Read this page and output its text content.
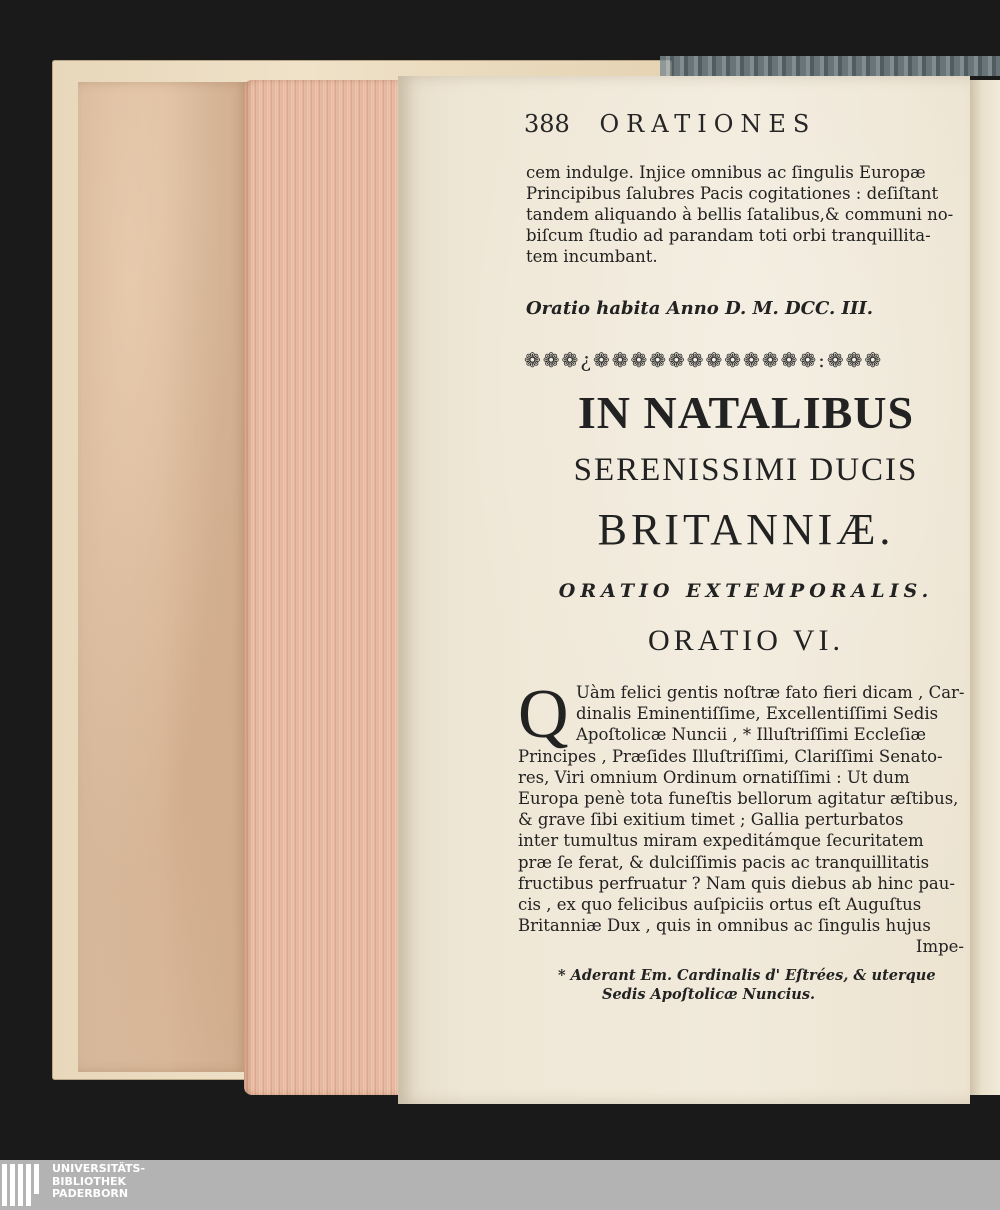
388 ORATIONES

cem indulge. Injice omnibus ac ſingulis Europæ
Principibus ſalubres Pacis cogitationes : deſiſtant
tandem aliquando à bellis ſatalibus,& communi no-
biſcum ſtudio ad parandam toti orbi tranquillita-
tem incumbant.

Oratio habita Anno D. M. DCC. III.
❁❁❁¿❁❁❁❁❁❁❁❁❁❁❁❁:❁❁❁
IN NATALIBUS
SERENISSIMI DUCIS
BRITANNIÆ.
ORATIO EXTEMPORALIS.
ORATIO VI.
Q Uàm felici gentis noſtræ fato fieri dicam , Car-
dinalis Eminentiſſime, Excellentiſſimi Sedis
Apoſtolicæ Nuncii , * Illuſtriſſimi Eccleſiæ
Principes , Præſides Illuſtriſſimi, Clariſſimi Senato-
res, Viri omnium Ordinum ornatiſſimi : Ut dum
Europa penè tota funeſtis bellorum agitatur æſtibus,
& grave ſibi exitium timet ; Gallia perturbatos
inter tumultus miram expeditámque ſecuritatem
præ ſe ferat, & dulciſſimis pacis ac tranquillitatis
fructibus perfruatur ? Nam quis diebus ab hinc pau-
cis , ex quo felicibus auſpiciis ortus eſt Auguſtus
Britanniæ Dux , quis in omnibus ac ſingulis hujus
Impe-

* Aderant Em. Cardinalis d' Eſtrées, & uterque
Sedis Apoſtolicæ Nuncius.

UNIVERSITÄTS-
BIBLIOTHEK
PADERBORN
